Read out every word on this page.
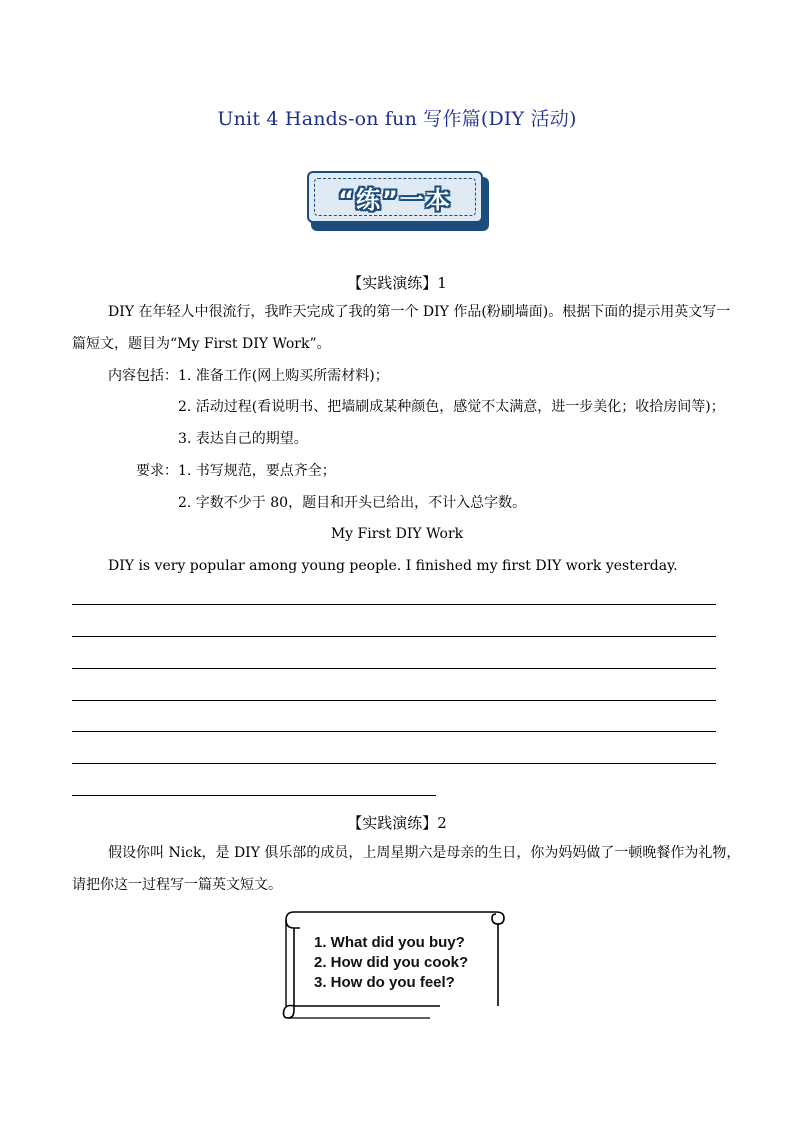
Unit 4 Hands-on fun 写作篇(DIY 活动)
“练”一本
【实践演练】1
DIY 在年轻人中很流行，我昨天完成了我的第一个 DIY 作品(粉刷墙面)。根据下面的提示用英文写一
篇短文，题目为“My First DIY Work”。
内容包括： 1. 准备工作(网上购买所需材料)；
2. 活动过程(看说明书、把墙刷成某种颜色，感觉不太满意，进一步美化；收拾房间等)；
3. 表达自己的期望。
要求： 1. 书写规范，要点齐全；
2. 字数不少于 80，题目和开头已给出，不计入总字数。
My First DIY Work
DIY is very popular among young people. I finished my first DIY work yesterday.
【实践演练】2
假设你叫 Nick，是 DIY 俱乐部的成员，上周星期六是母亲的生日，你为妈妈做了一顿晚餐作为礼物，
请把你这一过程写一篇英文短文。
1. What did you buy?
2. How did you cook?
3. How do you feel?
